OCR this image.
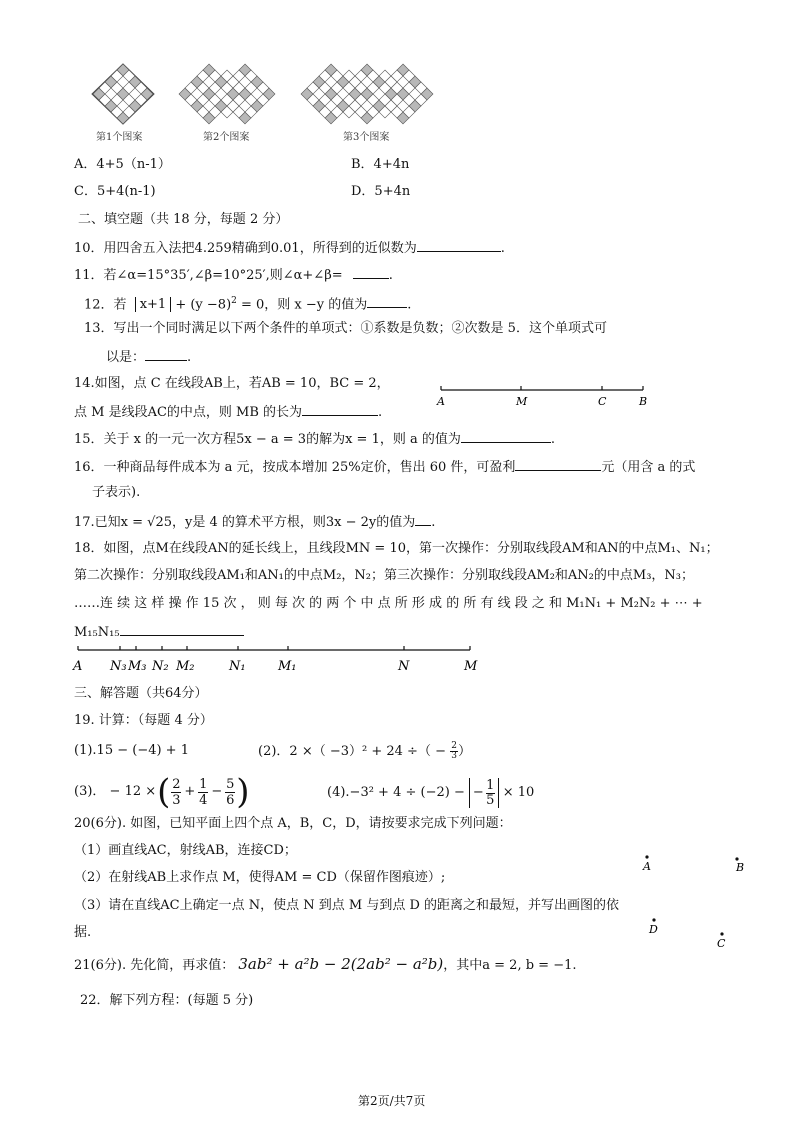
第1个图案	第2个图案	第3个图案
A．4+5（n-1）	B．4+4n
C．5+4(n-1)	D．5+4n
二、填空题（共 18 分，每题 2 分）
10．用四舍五入法把4.259精确到0.01，所得到的近似数为	.
11．若∠α=15°35′,∠β=10°25′,则∠α+∠β=	.
12．若 $x+1 + (y -8)^2 = 0$，则 x −y 的值为	.
13．写出一个同时满足以下两个条件的单项式：①系数是负数；②次数是 5．这个单项式可
以是：	.
14.如图，点 C 在线段AB上，若AB = 10，BC = 2，
点 M 是线段AC的中点，则 MB 的长为	.
A	M	C	B
15．关于 x 的一元一次方程5x − a = 3的解为x = 1，则 a 的值为	.
16．一种商品每件成本为 a 元，按成本增加 25%定价，售出 60 件，可盈利	元（用含 a 的式
子表示).
17.已知x = √25，y是 4 的算术平方根，则3x − 2y的值为 .
18．如图，点M在线段AN的延长线上，且线段MN = 10，第一次操作：分别取线段AM和AN的中点M₁、N₁；
第二次操作：分别取线段AM₁和AN₁的中点M₂，N₂；第三次操作：分别取线段AM₂和AN₂的中点M₃，N₃；
……连 续 这 样 操 作 15 次 ， 则 每 次 的 两 个 中 点 所 形 成 的 所 有 线 段 之 和 M₁N₁ + M₂N₂ + ⋯ +
M₁₅N₁₅
A N₃ M₃ N₂ M₂	N₁ M₁	N	M
三、解答题（共64分）
19. 计算：（每题 4 分）
(1).15 − (−4) + 1	(2)．2 ×（ −3）² + 24 ÷（ − $\frac{2}{3}$ ）
(3)． − 12 × ( 2
3
+ 1
4
− 5
6 )	(4).−3² + 4 ÷ (−2) − − 1
5 × 10
20(6分). 如图，已知平面上四个点 A，B，C，D，请按要求完成下列问题：
（1）画直线AC，射线AB，连接CD；
（2）在射线AB上求作点 M，使得AM = CD（保留作图痕迹）;
（3）请在直线AC上确定一点 N，使点 N 到点 M 与到点 D 的距离之和最短，并写出画图的依
据.
A	B
D
C
21(6分). 先化简，再求值： 3ab² + a²b − 2(2ab² − a²b)，其中a = 2, b = −1.
22．解下列方程：(每题 5 分)
第2页/共7页
